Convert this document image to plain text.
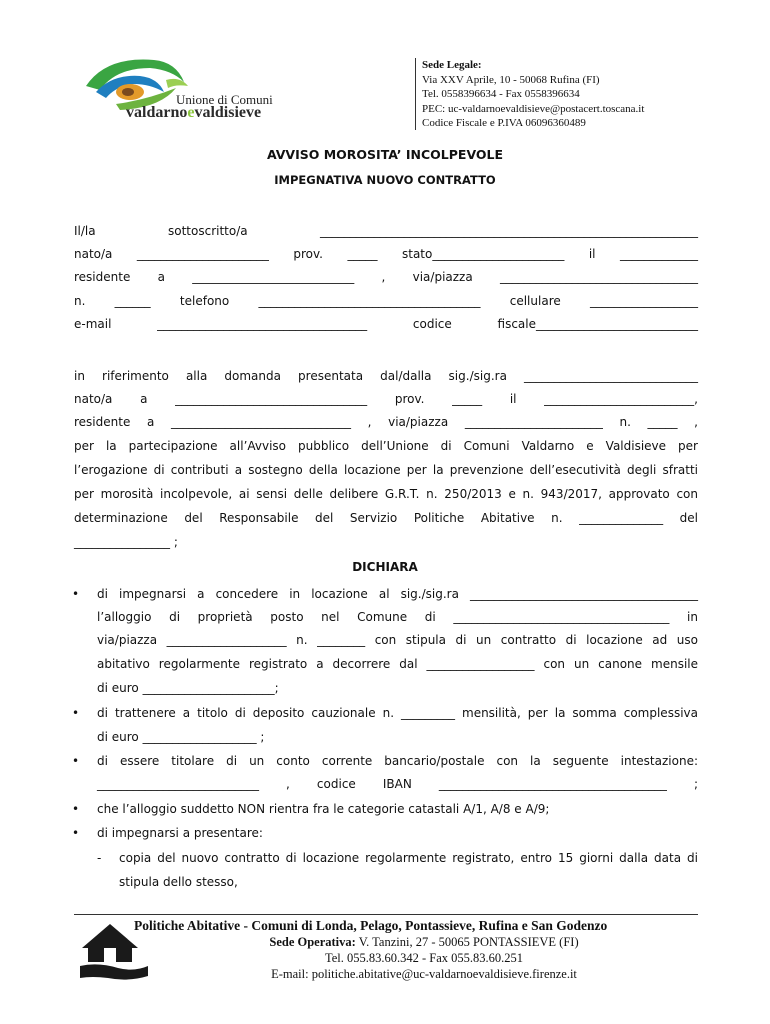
Unione di Comuni
valdarnoevaldisieve
Sede Legale:
Via XXV Aprile, 10 - 50068 Rufina (FI)
Tel. 0558396634 - Fax 0558396634
PEC: uc-valdarnoevaldisieve@postacert.toscana.it
Codice Fiscale e P.IVA 06096360489
AVVISO MOROSITA’ INCOLPEVOLE
IMPEGNATIVA NUOVO CONTRATTO
Il/la sottoscritto/a _______________________________________________________________
nato/a ______________________ prov. _____ stato______________________ il _____________
residente a ___________________________ , via/piazza _________________________________
n. ______ telefono _____________________________________ cellulare __________________
e-mail ___________________________________ codice fiscale___________________________
in riferimento alla domanda presentata dal/dalla sig./sig.ra _____________________________
nato/a a ________________________________ prov. _____ il _________________________,
residente a ______________________________ , via/piazza _______________________ n. _____ ,
per la partecipazione all’Avviso pubblico dell’Unione di Comuni Valdarno e Valdisieve per
l’erogazione di contributi a sostegno della locazione per la prevenzione dell’esecutività degli sfratti
per morosità incolpevole, ai sensi delle delibere G.R.T. n. 250/2013 e n. 943/2017, approvato con
determinazione del Responsabile del Servizio Politiche Abitative n. ______________ del
________________ ;
DICHIARA
• di impegnarsi a concedere in locazione al sig./sig.ra ______________________________________
l’alloggio di proprietà posto nel Comune di ____________________________________ in
via/piazza ____________________ n. ________ con stipula di un contratto di locazione ad uso
abitativo regolarmente registrato a decorrere dal __________________ con un canone mensile
di euro ______________________;
• di trattenere a titolo di deposito cauzionale n. _________ mensilità, per la somma complessiva
di euro ___________________ ;
• di essere titolare di un conto corrente bancario/postale con la seguente intestazione:
___________________________ , codice IBAN ______________________________________ ;
• che l’alloggio suddetto NON rientra fra le categorie catastali A/1, A/8 e A/9;
• di impegnarsi a presentare:
- copia del nuovo contratto di locazione regolarmente registrato, entro 15 giorni dalla data di
stipula dello stesso,
Politiche Abitative - Comuni di Londa, Pelago, Pontassieve, Rufina e San Godenzo
Sede Operativa: V. Tanzini, 27 - 50065 PONTASSIEVE (FI)
Tel. 055.83.60.342 - Fax 055.83.60.251
E-mail: politiche.abitative@uc-valdarnoevaldisieve.firenze.it
